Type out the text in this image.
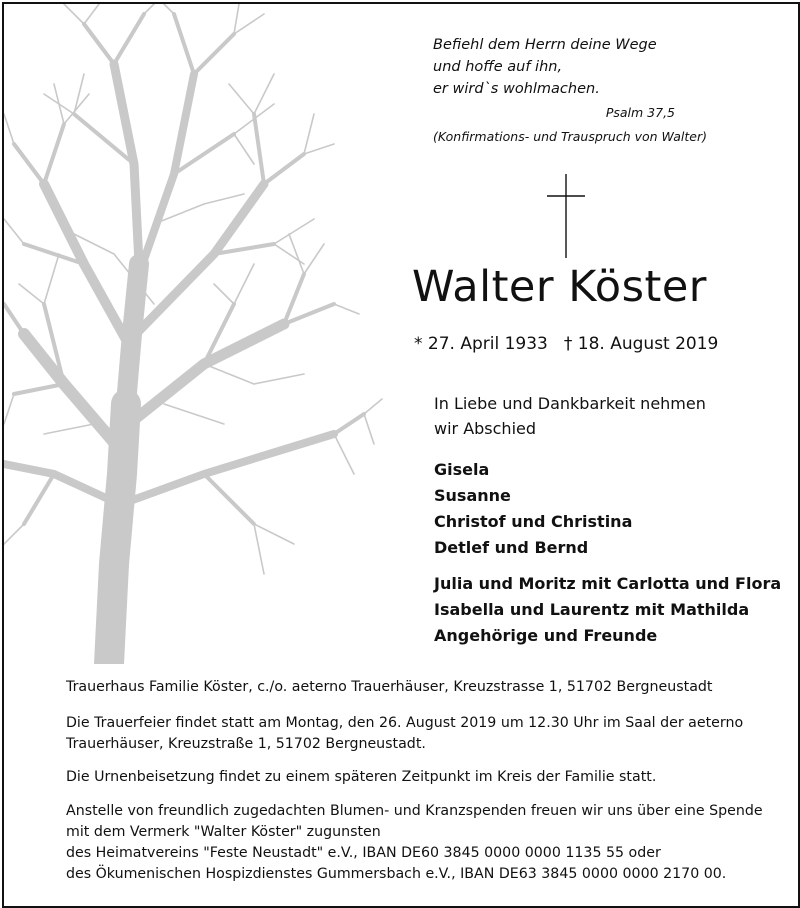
Befiehl dem Herrn deine Wege
und hoffe auf ihn,
er wird`s wohlmachen.
Psalm 37,5
(Konfirmations- und Trauspruch von Walter)
Walter Köster
* 27. April 1933 † 18. August 2019
In Liebe und Dankbarkeit nehmen
wir Abschied
Gisela
Susanne
Christof und Christina
Detlef und Bernd
Julia und Moritz mit Carlotta und Flora
Isabella und Laurentz mit Mathilda
Angehörige und Freunde
Trauerhaus Familie Köster, c./o. aeterno Trauerhäuser, Kreuzstrasse 1, 51702 Bergneustadt
Die Trauerfeier findet statt am Montag, den 26. August 2019 um 12.30 Uhr im Saal der aeterno
Trauerhäuser, Kreuzstraße 1, 51702 Bergneustadt.
Die Urnenbeisetzung findet zu einem späteren Zeitpunkt im Kreis der Familie statt.
Anstelle von freundlich zugedachten Blumen- und Kranzspenden freuen wir uns über eine Spende
mit dem Vermerk "Walter Köster" zugunsten
des Heimatvereins "Feste Neustadt" e.V., IBAN DE60 3845 0000 0000 1135 55 oder
des Ökumenischen Hospizdienstes Gummersbach e.V., IBAN DE63 3845 0000 0000 2170 00.
